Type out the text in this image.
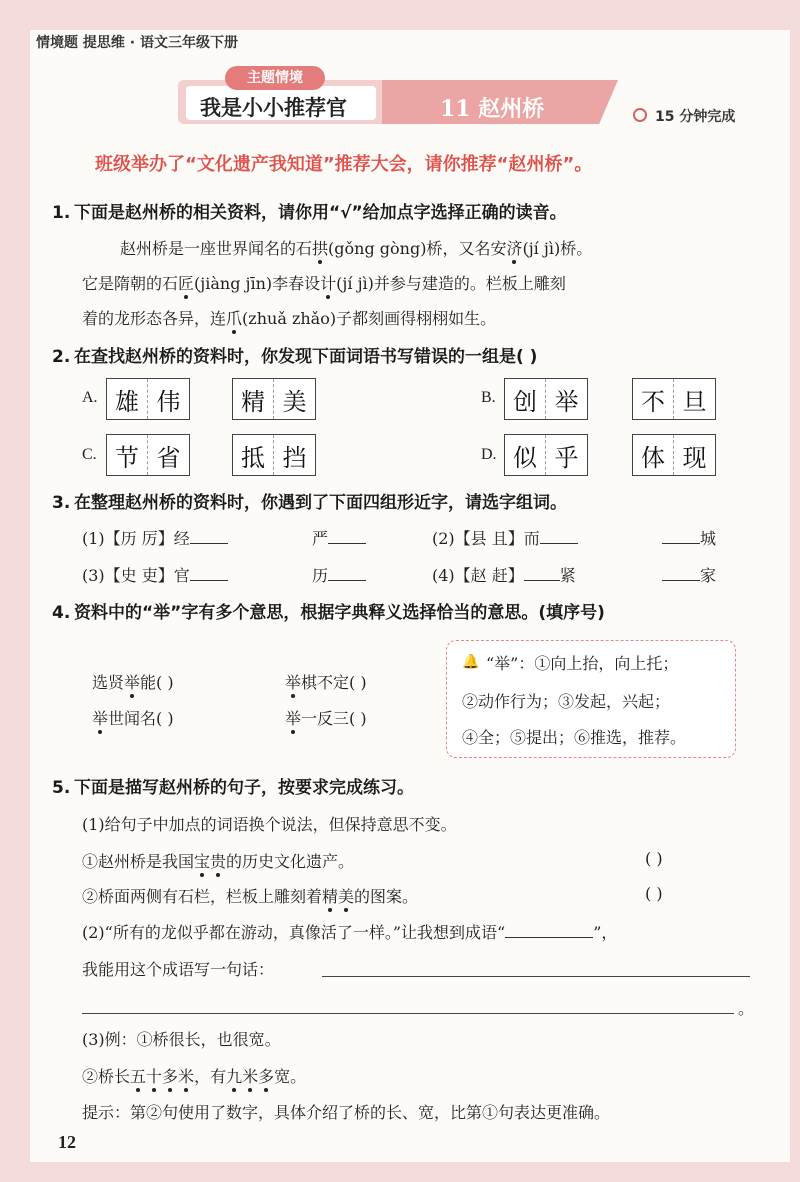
情境题 提思维 · 语文三年级下册
主题情境
我是小小推荐官	11 赵州桥	15 分钟完成
班级举办了“文化遗产我知道”推荐大会，请你推荐“赵州桥”。
1. 下面是赵州桥的相关资料，请你用“√”给加点字选择正确的读音。
赵州桥是一座世界闻名的石拱(gǒng gòng)桥，又名安济(jí jì)桥。
它是隋朝的石匠(jiàng jīn)李春设计(jí jì)并参与建造的。栏板上雕刻
着的龙形态各异，连爪(zhuǎ zhǎo)子都刻画得栩栩如生。
2. 在查找赵州桥的资料时，你发现下面词语书写错误的一组是( )
A. 雄 伟	精 美	B. 创 举	不 旦
C. 节 省	抵 挡	D. 似 乎	体 现
3. 在整理赵州桥的资料时，你遇到了下面四组形近字，请选字组词。
(1)【历 厉】经	严	(2)【县 且】而	城
(3)【史 吏】官	历	(4)【赵 赶】 紧	家
4. 资料中的“举”字有多个意思，根据字典释义选择恰当的意思。(填序号)
选贤举能( )	举棋不定( )
举世闻名( )	举一反三( )
🔔 “举”：①向上抬，向上托；
②动作行为；③发起，兴起；
④全；⑤提出；⑥推选，推荐。
5. 下面是描写赵州桥的句子，按要求完成练习。
(1)给句子中加点的词语换个说法，但保持意思不变。
①赵州桥是我国宝贵的历史文化遗产。	( )
②桥面两侧有石栏，栏板上雕刻着精美的图案。	( )
(2)“所有的龙似乎都在游动，真像活了一样。”让我想到成语“	”，
我能用这个成语写一句话：
。
(3)例：①桥很长，也很宽。
②桥长五十多米，有九米多宽。
提示：第②句使用了数字，具体介绍了桥的长、宽，比第①句表达更准确。
12
